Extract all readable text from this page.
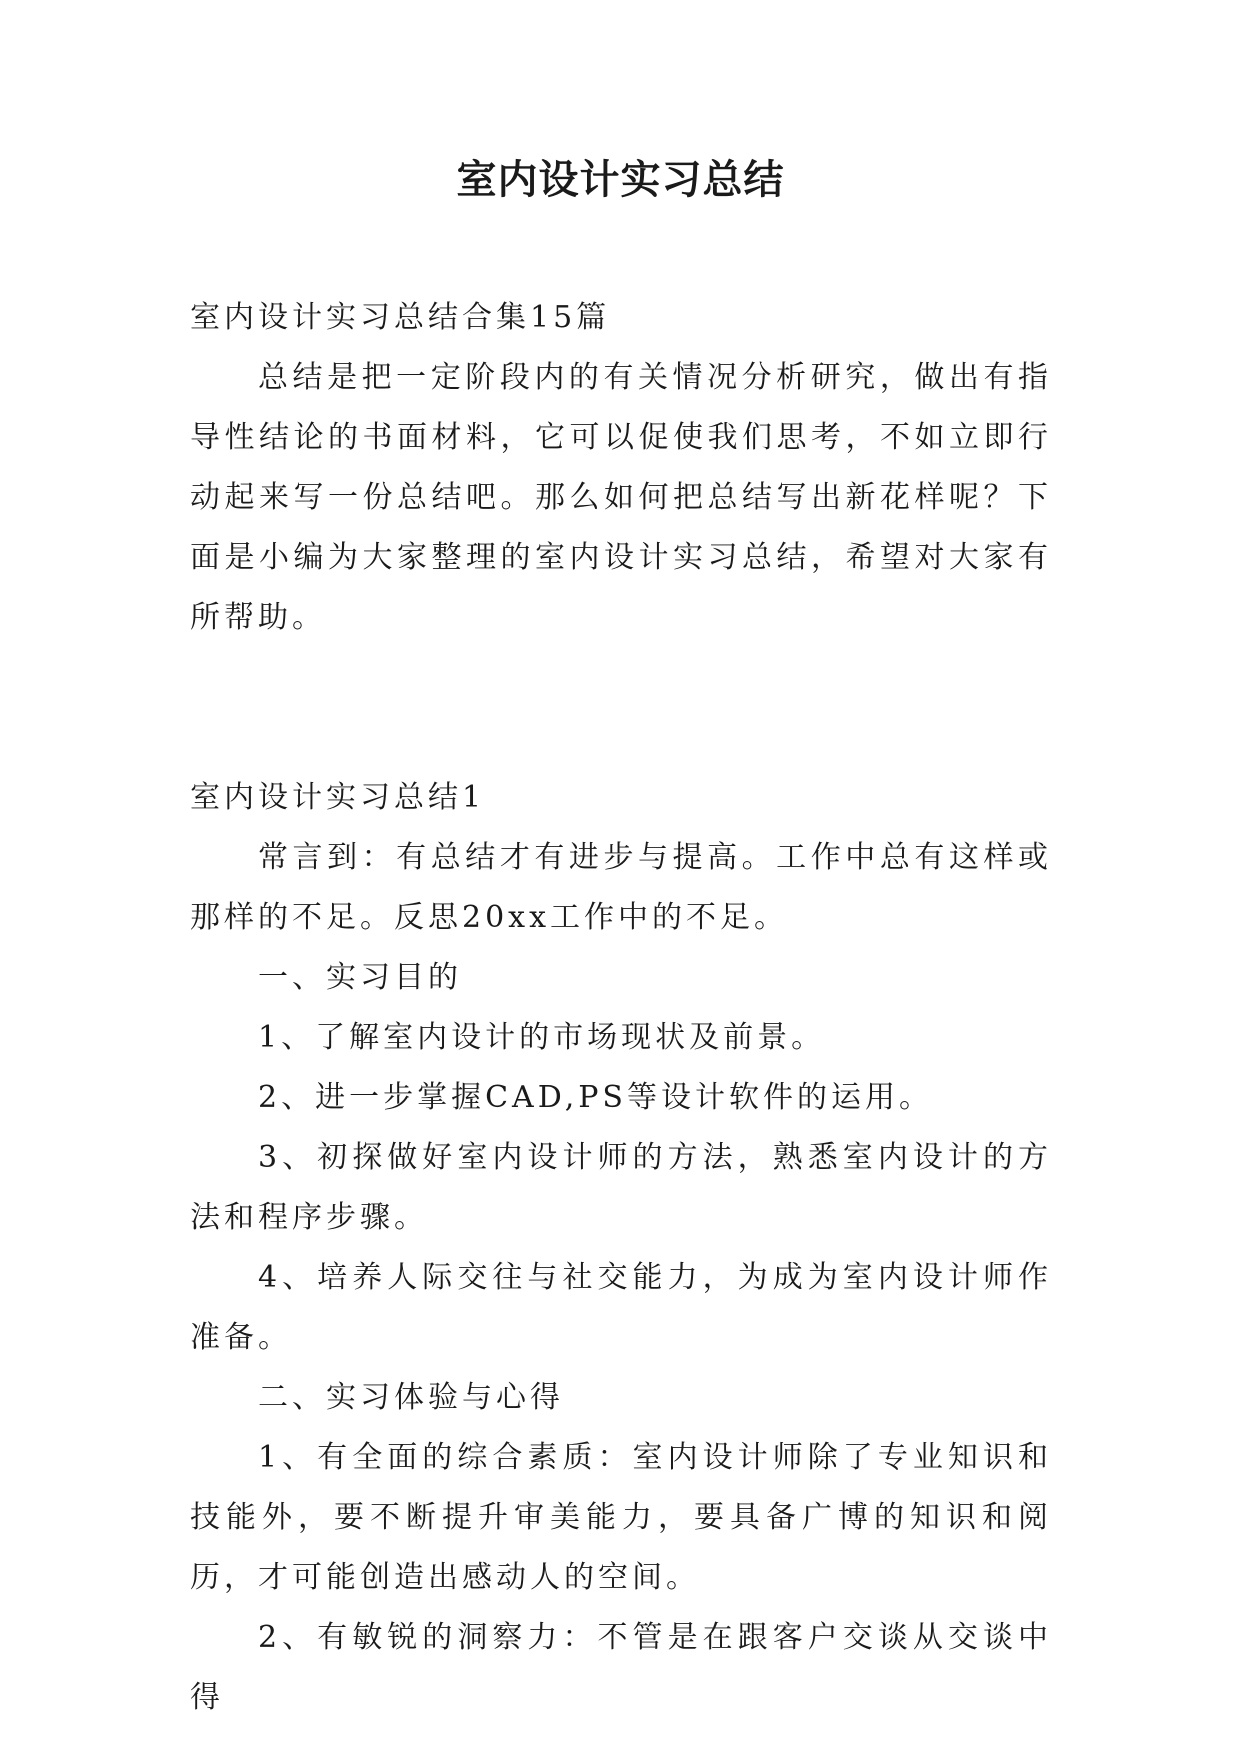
室内设计实习总结

室内设计实习总结合集15篇

总结是把一定阶段内的有关情况分析研究，做出有指导性结论的书面材料，它可以促使我们思考，不如立即行动起来写一份总结吧。那么如何把总结写出新花样呢？下面是小编为大家整理的室内设计实习总结，希望对大家有所帮助。

室内设计实习总结1

常言到：有总结才有进步与提高。工作中总有这样或那样的不足。反思20xx工作中的不足。

一、实习目的

1、了解室内设计的市场现状及前景。

2、进一步掌握CAD,PS等设计软件的运用。

3、初探做好室内设计师的方法，熟悉室内设计的方法和程序步骤。

4、培养人际交往与社交能力，为成为室内设计师作准备。

二、实习体验与心得

1、有全面的综合素质：室内设计师除了专业知识和技能外，要不断提升审美能力，要具备广博的知识和阅历，才可能创造出感动人的空间。

2、有敏锐的洞察力：不管是在跟客户交谈从交谈中得
